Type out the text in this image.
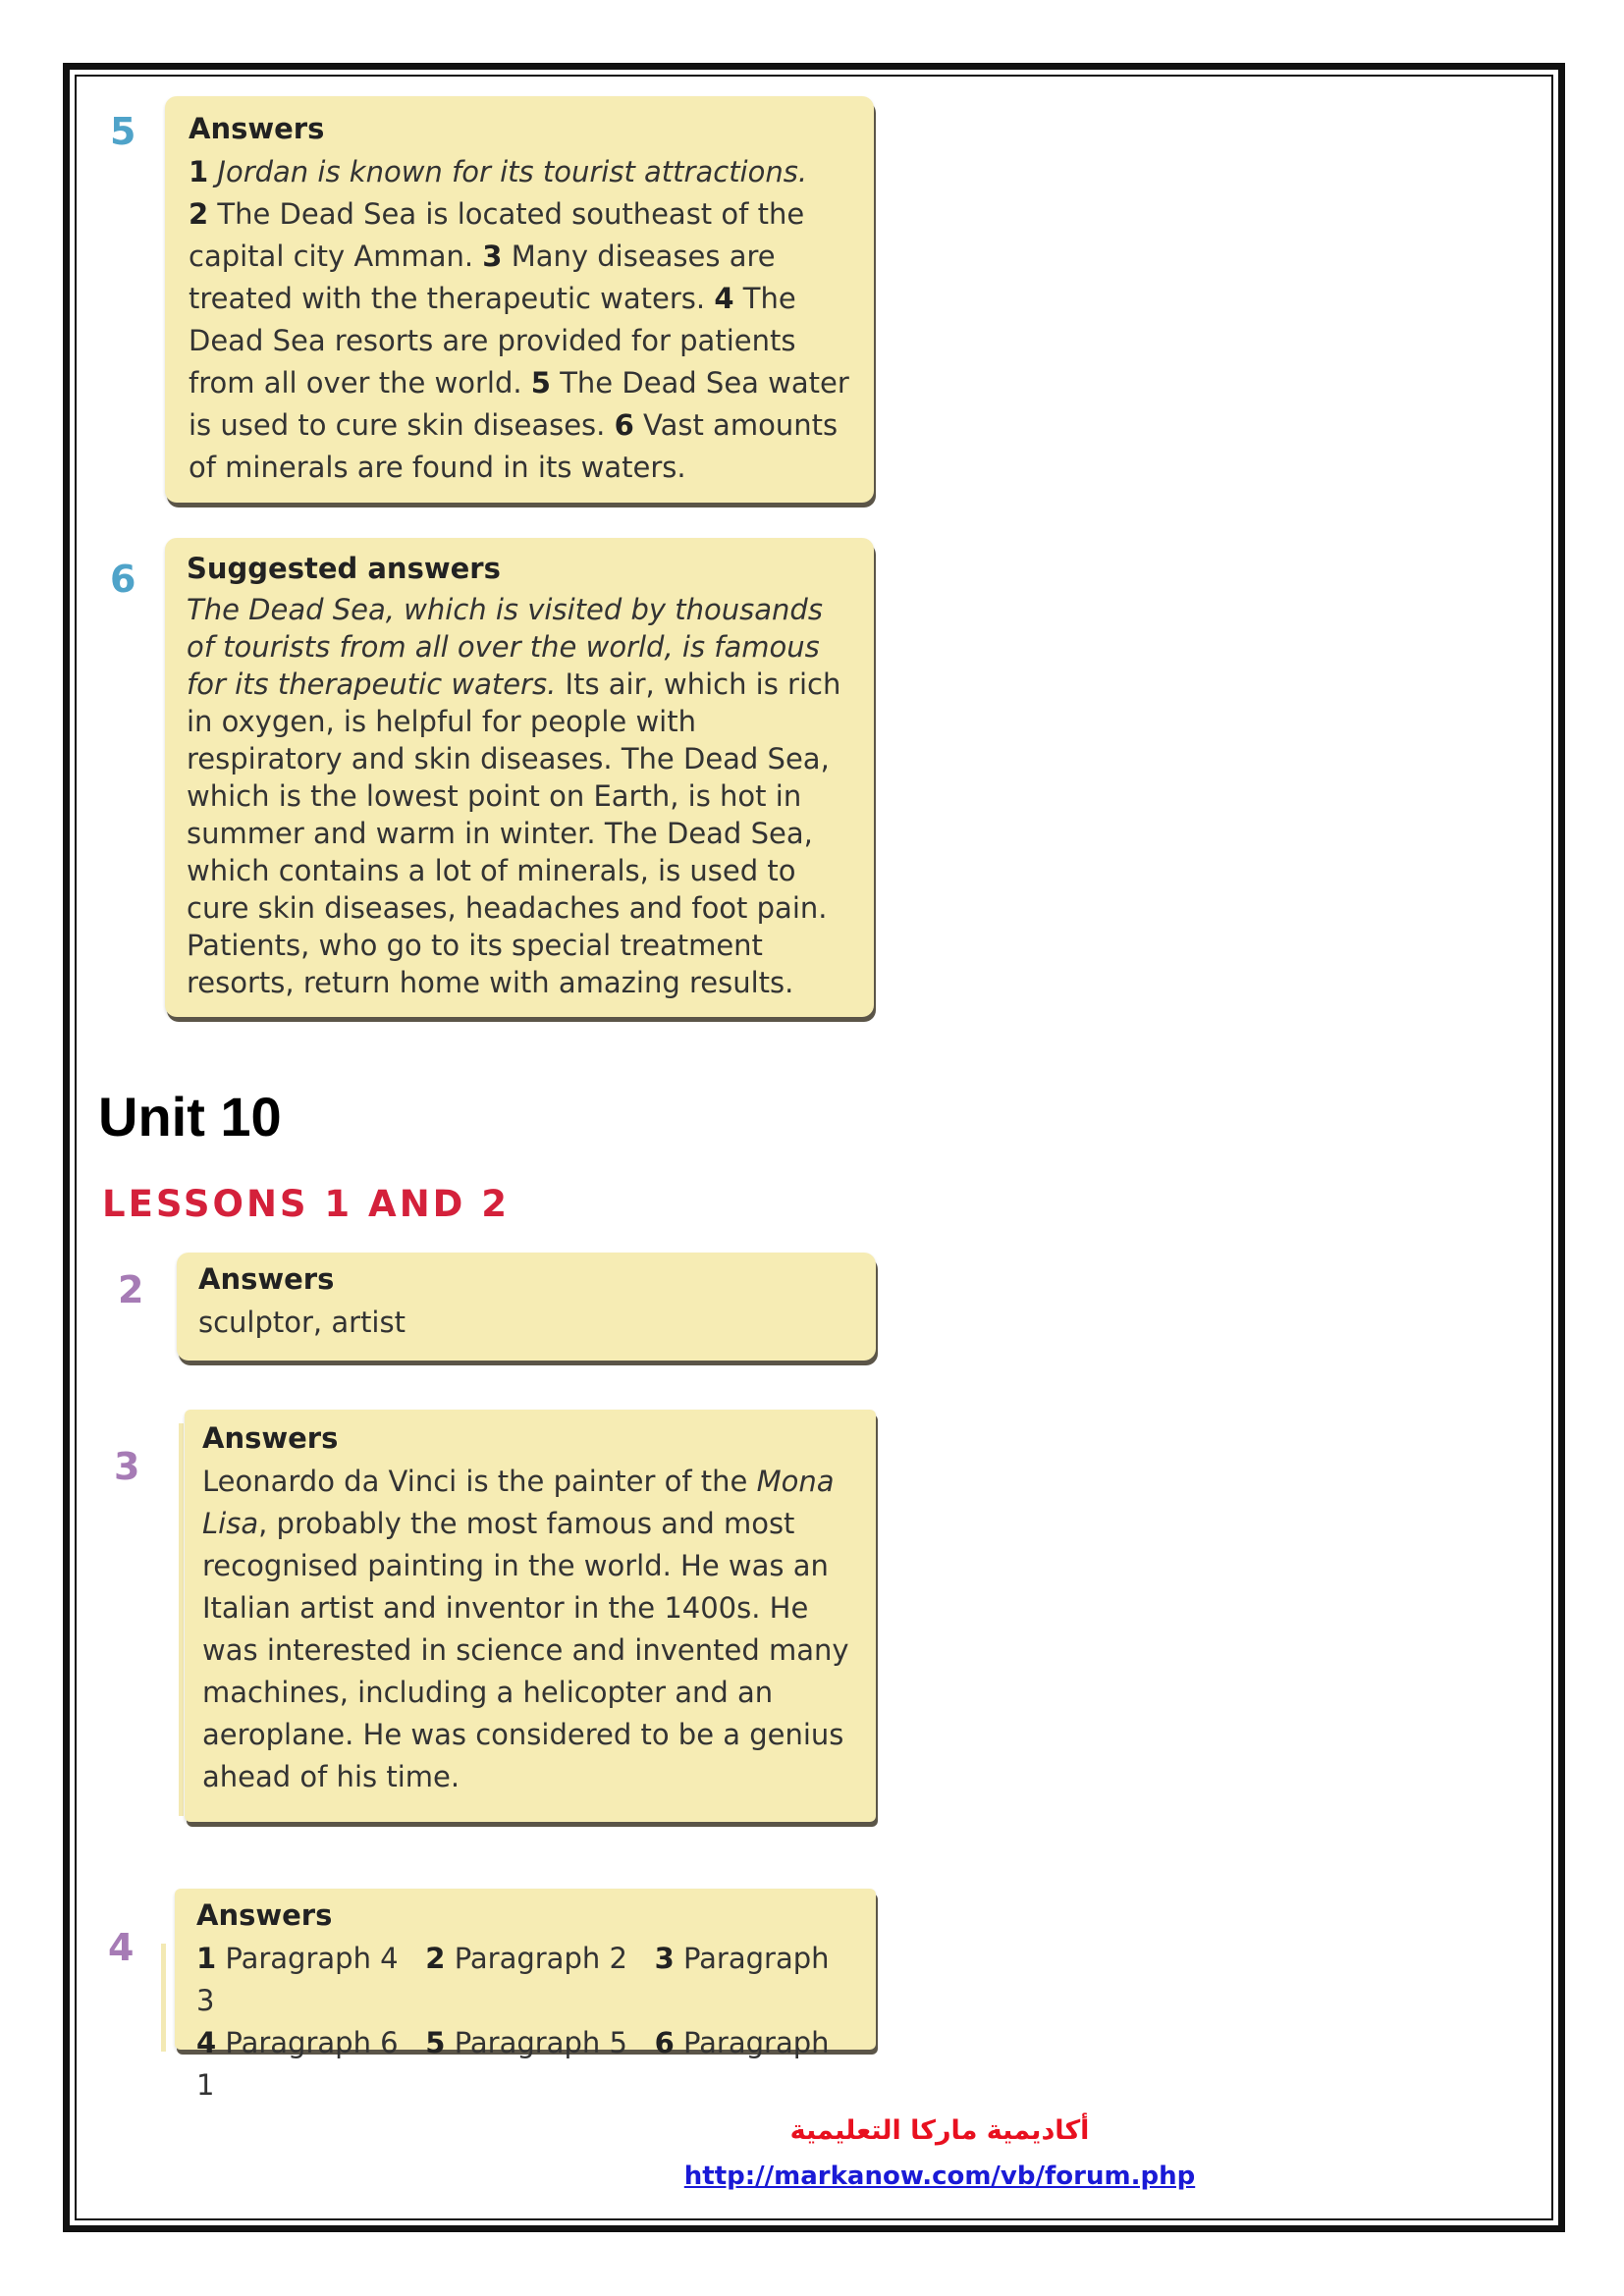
5 Answers
1 Jordan is known for its tourist attractions.
2 The Dead Sea is located southeast of the capital city Amman. 3 Many diseases are treated with the therapeutic waters. 4 The Dead Sea resorts are provided for patients from all over the world. 5 The Dead Sea water is used to cure skin diseases. 6 Vast amounts of minerals are found in its waters.
6 Suggested answers
The Dead Sea, which is visited by thousands of tourists from all over the world, is famous for its therapeutic waters. Its air, which is rich in oxygen, is helpful for people with respiratory and skin diseases. The Dead Sea, which is the lowest point on Earth, is hot in summer and warm in winter. The Dead Sea, which contains a lot of minerals, is used to cure skin diseases, headaches and foot pain. Patients, who go to its special treatment resorts, return home with amazing results.
Unit 10
LESSONS 1 AND 2
2 Answers
sculptor, artist
3
Answers
Leonardo da Vinci is the painter of the Mona Lisa, probably the most famous and most recognised painting in the world. He was an Italian artist and inventor in the 1400s. He was interested in science and invented many machines, including a helicopter and an aeroplane. He was considered to be a genius ahead of his time.
4
Answers
1 Paragraph 4 2 Paragraph 2 3 Paragraph 3
4 Paragraph 6 5 Paragraph 5 6 Paragraph 1
أكاديمية ماركا التعليمية
http://markanow.com/vb/forum.php
